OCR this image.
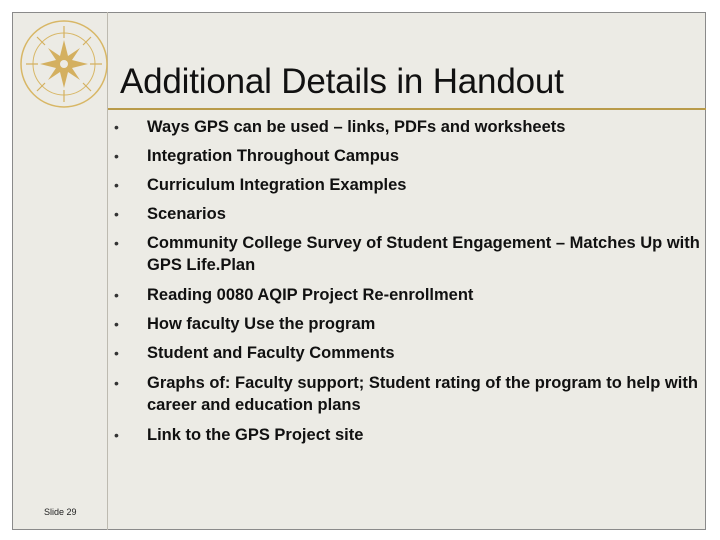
Slide 29
Additional Details in Handout
• Ways GPS can be used – links, PDFs and worksheets
• Integration Throughout Campus
• Curriculum Integration Examples
• Scenarios
• Community College Survey of Student Engagement – Matches Up with GPS Life.Plan
• Reading 0080 AQIP Project Re-enrollment
• How faculty Use the program
• Student and Faculty Comments
• Graphs of: Faculty support; Student rating of the program to help with career and education plans
• Link to the GPS Project site
